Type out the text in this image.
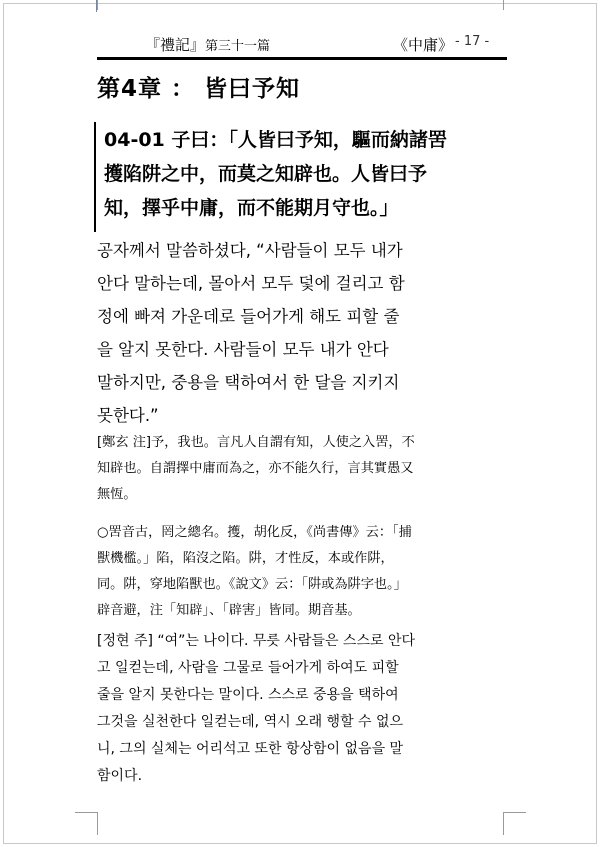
『禮記』第三十一篇	《中庸》 - 17 -
第4章 ： 皆曰予知
04-01 子曰：「人皆曰予知，驅而納諸罟
擭陷阱之中，而莫之知辟也。人皆曰予
知，擇乎中庸，而不能期月守也。」
공자께서 말씀하셨다, “사람들이 모두 내가
안다 말하는데, 몰아서 모두 덫에 걸리고 함
정에 빠져 가운데로 들어가게 해도 피할 줄
을 알지 못한다. 사람들이 모두 내가 안다
말하지만, 중용을 택하여서 한 달을 지키지
못한다.”
[鄭玄 注]予，我也。言凡人自謂有知，人使之入罟，不
知辟也。自謂擇中庸而為之，亦不能久行，言其實愚又
無恆。
○罟音古，罔之總名。擭，胡化反，《尚書傳》云：「捕
獸機檻。」陷，陷沒之陷。阱，才性反，本或作阱，
同。阱，穿地陷獸也。《說文》云：「阱或為阱字也。」
辟音避，注「知辟」、「辟害」皆同。期音基。
[정현 주] “여”는 나이다. 무릇 사람들은 스스로 안다
고 일컫는데, 사람을 그물로 들어가게 하여도 피할
줄을 알지 못한다는 말이다. 스스로 중용을 택하여
그것을 실천한다 일컫는데, 역시 오래 행할 수 없으
니, 그의 실체는 어리석고 또한 항상함이 없음을 말
함이다.
